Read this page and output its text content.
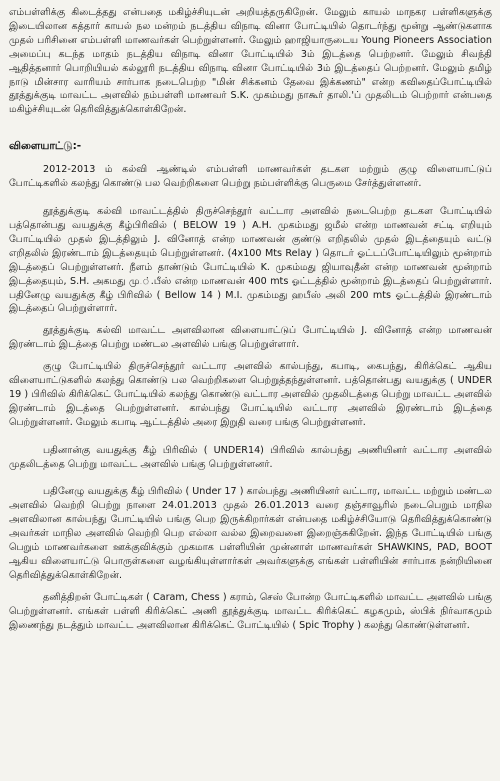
எம்பள்ளிக்கு கிடைத்தது என்பதை மகிழ்ச்சியுடன் அறியத்தருகிறேன். மேலும் காயல் மாநகர பள்ளிகளுக்கு இடையிலான கத்தார் காயல் நல மன்றம் நடத்திய விநாடி வினா போட்டியில் தொடர்ந்து மூன்று ஆண்டுகளாக முதல் பரிசினை எம்பள்ளி மாணவர்கள் பெற்றுள்ளனர். மேலும் ஹாஜியாருடைய Young Pioneers Association அமைப்பு கடந்த மாதம் நடத்திய விநாடி வினா போட்டியில் 3ம் இடத்தை பெற்றனர். மேலும் சிவந்தி ஆதித்தனார் பொறியியல் கல்லூரி நடத்திய விநாடி வினா போட்டியில் 3ம் இடத்தைப் பெற்றனர். மேலும் தமிழ் நாடு மின்சார வாரியம் சார்பாக நடைபெற்ற "மின் சிக்கனம் தேவை இக்கணம்" என்ற கவிதைப்போட்டியில் தூத்துக்குடி மாவட்ட அளவில் நம்பள்ளி மாணவர் S.K. முகம்மது நாகூர் தாலி.'ப் முதலிடம் பெற்றார் என்பதை மகிழ்ச்சியுடன் தெரிவித்துக்கொள்கிறேன்.

விளையாட்டு:-

2012-2013 ம் கல்வி ஆண்டில் எம்பள்ளி மாணவர்கள் தடகள மற்றும் குழு விளையாட்டுப் போட்டிகளில் கலந்து கொண்டு பல வெற்றிகளை பெற்று நம்பள்ளிக்கு பெருமை சேர்த்துள்ளனர்.

தூத்துக்குடி கல்வி மாவட்டத்தில் திருச்செந்தூர் வட்டார அளவில் நடைபெற்ற தடகள போட்டியில் பத்தொன்பது வயதுக்கு கீழ்பிரிவில் ( BELOW 19 ) A.H. முகம்மது ஜமீல் என்ற மாணவன் சட்டி எறியும் போட்டியில் முதல் இடத்திலும் J. வினோத் என்ற மாணவன் குண்டு எறிதலில் முதல் இடத்தையும் வட்டு எறிதலில் இரண்டாம் இடத்தையும் பெற்றுள்ளனர். (4x100 Mts Relay ) தொடர் ஓட்டப்போட்டியிலும் மூன்றாம் இடத்தைப் பெற்றுள்ளனர். நீளம் தாண்டும் போட்டியில் K. முகம்மது ஜியாவுதீன் என்ற மாணவன் மூன்றாம் இடத்தையும், S.H. அகமது மு.்.பீஸ் என்ற மாணவன் 400 mts ஓட்டத்தில் மூன்றாம் இடத்தைப் பெற்றுள்ளார். பதினேழு வயதுக்கு கீழ் பிரிவில் ( Bellow 14 ) M.I. முகம்மது ஹபீஸ் அலி 200 mts ஓட்டத்தில் இரண்டாம் இடத்தைப் பெற்றுள்ளார்.

தூத்துக்குடி கல்வி மாவட்ட அளவிலான விளையாட்டுப் போட்டியில் J. வினோத் என்ற மாணவன் இரண்டாம் இடத்தை பெற்று மண்டல அளவில் பங்கு பெற்றுள்ளார்.

குழு போட்டியில் திருச்செந்தூர் வட்டார அளவில் கால்பந்து, கபாடி, கைபந்து, கிரிக்கெட் ஆகிய விளையாட்டுகளில் கலந்து கொண்டு பல வெற்றிகளை பெற்றுத்தந்துள்ளனர். பத்தொன்பது வயதுக்கு ( UNDER 19 ) பிரிவில் கிரிக்கெட் போட்டியில் கலந்து கொண்டு வட்டார அளவில் முதலிடத்தை பெற்று மாவட்ட அளவில் இரண்டாம் இடத்தை பெற்றுள்ளனர். கால்பந்து போட்டியில் வட்டார அளவில் இரண்டாம் இடத்தை பெற்றுள்ளனர். மேலும் கபாடி ஆட்டத்தில் அரை இறுதி வரை பங்கு பெற்றுள்ளனர்.

பதினான்கு வயதுக்கு கீழ் பிரிவில் ( UNDER14) பிரிவில் கால்பந்து அணியினர் வட்டார அளவில் முதலிடத்தை பெற்று மாவட்ட அளவில் பங்கு பெற்றுள்ளனர்.

பதினேழு வயதுக்கு கீழ் பிரிவில் ( Under 17 ) கால்பந்து அணியினர் வட்டார, மாவட்ட மற்றும் மண்டல அளவில் வெற்றி பெற்று நாளை 24.01.2013 முதல் 26.01.2013 வரை தஞ்சாவூரில் நடைபெறும் மாநில அளவிலான கால்பந்து போட்டியில் பங்கு பெற இருக்கிறார்கள் என்பதை மகிழ்ச்சியோடு தெரிவித்துக்கொண்டு அவர்கள் மாநில அளவில் வெற்றி பெற எல்லா வல்ல இறைவனை இறைஞ்சுகிறேன். இந்த போட்டியில் பங்கு பெறும் மாணவர்களை ஊக்குவிக்கும் முகமாக பள்ளியின் முன்னாள் மாணவர்கள் SHAWKINS, PAD, BOOT ஆகிய விளையாட்டு பொருள்களை வழங்கியுள்ளார்கள் அவர்களுக்கு எங்கள் பள்ளியின் சார்பாக நன்றியினை தெரிவித்துக்கொள்கிறேன்.

தனித்திறன் போட்டிகள் ( Caram, Chess ) கராம், செஸ் போன்ற போட்டிகளில் மாவட்ட அளவில் பங்கு பெற்றுள்ளனர். எங்கள் பள்ளி கிரிக்கெட் அணி தூத்துக்குடி மாவட்ட கிரிக்கெட் கழகமும், ஸ்பிக் நிர்வாகமும் இணைந்து நடத்தும் மாவட்ட அளவிலான கிரிக்கெட் போட்டியில் ( Spic Trophy ) கலந்து கொண்டுள்ளனர்.
